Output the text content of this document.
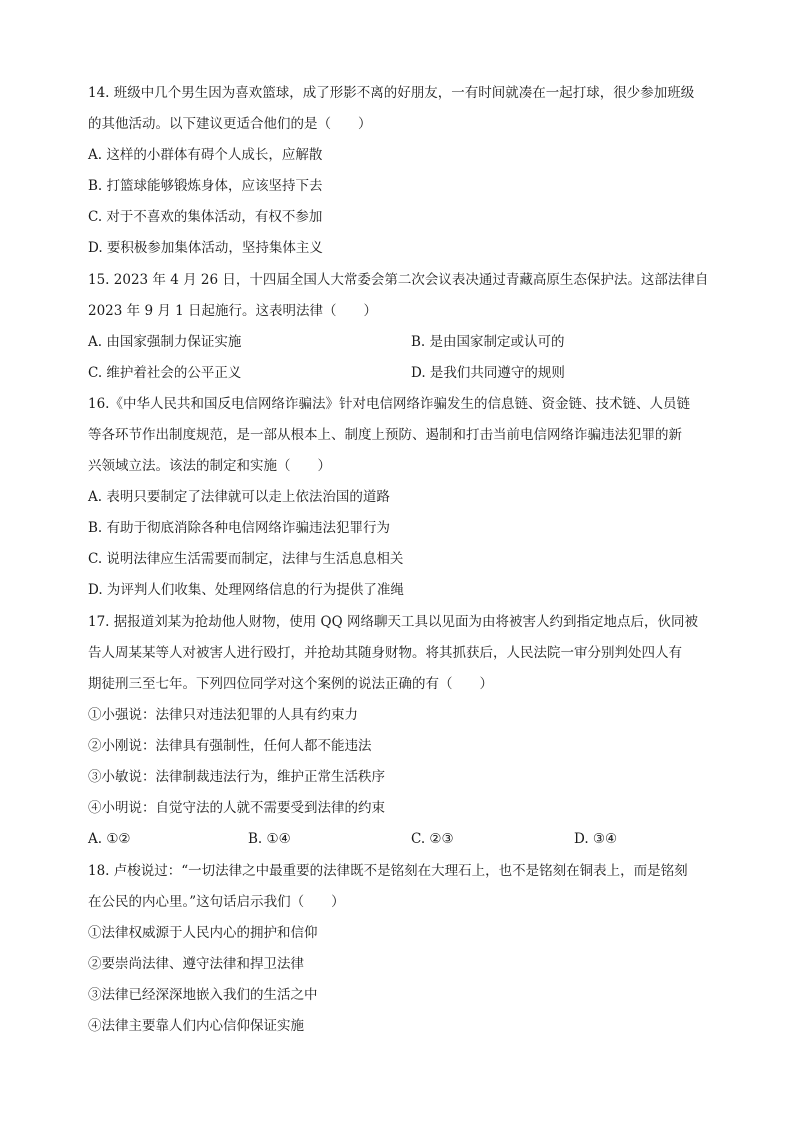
14. 班级中几个男生因为喜欢篮球，成了形影不离的好朋友，一有时间就凑在一起打球，很少参加班级
的其他活动。以下建议更适合他们的是（　　）
A. 这样的小群体有碍个人成长，应解散
B. 打篮球能够锻炼身体，应该坚持下去
C. 对于不喜欢的集体活动，有权不参加
D. 要积极参加集体活动，坚持集体主义
15. 2023 年 4 月 26 日，十四届全国人大常委会第二次会议表决通过青藏高原生态保护法。这部法律自
2023 年 9 月 1 日起施行。这表明法律（　　）
A. 由国家强制力保证实施	B. 是由国家制定或认可的
C. 维护着社会的公平正义	D. 是我们共同遵守的规则
16.《中华人民共和国反电信网络诈骗法》针对电信网络诈骗发生的信息链、资金链、技术链、人员链
等各环节作出制度规范，是一部从根本上、制度上预防、遏制和打击当前电信网络诈骗违法犯罪的新
兴领域立法。该法的制定和实施（　　）
A. 表明只要制定了法律就可以走上依法治国的道路
B. 有助于彻底消除各种电信网络诈骗违法犯罪行为
C. 说明法律应生活需要而制定，法律与生活息息相关
D. 为评判人们收集、处理网络信息的行为提供了准绳
17. 据报道刘某为抢劫他人财物，使用 QQ 网络聊天工具以见面为由将被害人约到指定地点后，伙同被
告人周某某等人对被害人进行殴打，并抢劫其随身财物。将其抓获后，人民法院一审分别判处四人有
期徒刑三至七年。下列四位同学对这个案例的说法正确的有（　　）
①小强说：法律只对违法犯罪的人具有约束力
②小刚说：法律具有强制性，任何人都不能违法
③小敏说：法律制裁违法行为，维护正常生活秩序
④小明说：自觉守法的人就不需要受到法律的约束
A. ①②	B. ①④	C. ②③	D. ③④
18. 卢梭说过：“一切法律之中最重要的法律既不是铭刻在大理石上，也不是铭刻在铜表上，而是铭刻
在公民的内心里。”这句话启示我们（　　）
①法律权威源于人民内心的拥护和信仰
②要崇尚法律、遵守法律和捍卫法律
③法律已经深深地嵌入我们的生活之中
④法律主要靠人们内心信仰保证实施
